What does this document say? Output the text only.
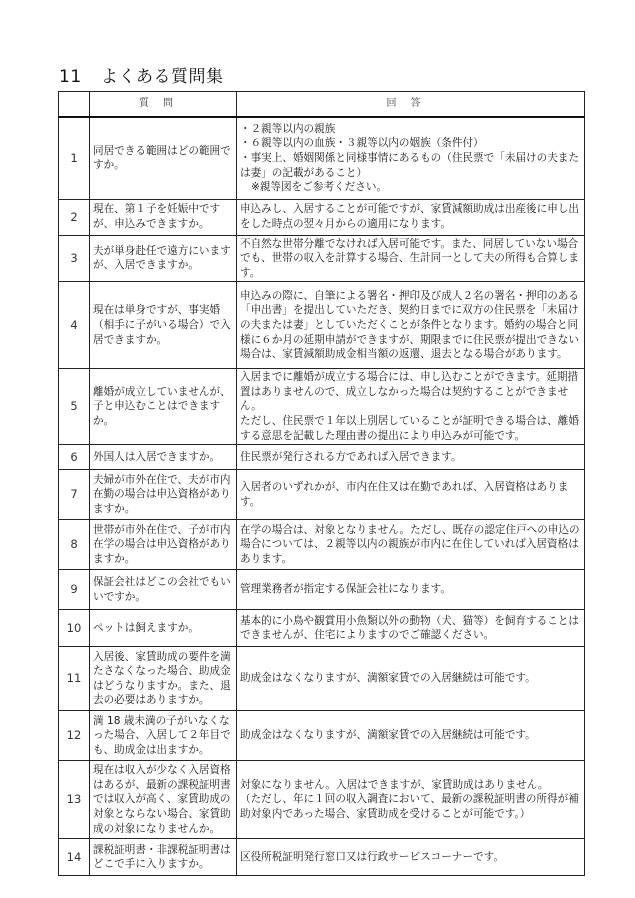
11 よくある質問集
	質問	回答
1	同居できる範囲はどの範囲ですか。	・２親等以内の親族
・６親等以内の血族・３親等以内の姻族（条件付）
・事実上、婚姻関係と同様事情にあるもの（住民票で「未届けの夫または妻」の記載があること）
※親等図をご参考ください。

2	現在、第１子を妊娠中ですが、申込みできますか。	申込みし、入居することが可能ですが、家賃減額助成は出産後に申し出をした時点の翌々月からの適用になります。

3	夫が単身赴任で遠方にいますが、入居できますか。	不自然な世帯分離でなければ入居可能です。また、同居していない場合でも、世帯の収入を計算する場合、生計同一として夫の所得も合算します。

4	現在は単身ですが、事実婚（相手に子がいる場合）で入居できますか。	申込みの際に、自筆による署名・押印及び成人２名の署名・押印のある「申出書」を提出していただき、契約日までに双方の住民票を「未届けの夫または妻」としていただくことが条件となります。婚約の場合と同様に６か月の延期申請ができますが、期限までに住民票が提出できない場合は、家賃減額助成金相当額の返還、退去となる場合があります。

5	離婚が成立していませんが、子と申込むことはできますか。	入居までに離婚が成立する場合には、申し込むことができます。延期措置はありませんので、成立しなかった場合は契約することができません。
ただし、住民票で１年以上別居していることが証明できる場合は、離婚する意思を記載した理由書の提出により申込みが可能です。

6	外国人は入居できますか。	住民票が発行される方であれば入居できます。

7	夫婦が市外在住で、夫が市内在勤の場合は申込資格がありますか。	入居者のいずれかが、市内在住又は在勤であれば、入居資格はあります。

8	世帯が市外在住で、子が市内在学の場合は申込資格がありますか。	在学の場合は、対象となりません。ただし、既存の認定住戸への申込の場合については、２親等以内の親族が市内に在住していれば入居資格はあります。

9	保証会社はどこの会社でもいいですか。	管理業務者が指定する保証会社になります。

10	ペットは飼えますか。	基本的に小鳥や観賞用小魚類以外の動物（犬、猫等）を飼育することはできませんが、住宅によりますのでご確認ください。

11	入居後、家賃助成の要件を満たさなくなった場合、助成金はどうなりますか。また、退去の必要はありますか。	助成金はなくなりますが、満額家賃での入居継続は可能です。

12	満 18 歳未満の子がいなくなった場合、入居して２年目でも、助成金は出ますか。	助成金はなくなりますが、満額家賃での入居継続は可能です。

13	現在は収入が少なく入居資格はあるが、最新の課税証明書では収入が高く、家賃助成の対象とならない場合、家賃助成の対象になりませんか。	対象になりません。入居はできますが、家賃助成はありません。
（ただし、年に１回の収入調査において、最新の課税証明書の所得が補助対象内であった場合、家賃助成を受けることが可能です。）

14	課税証明書・非課税証明書はどこで手に入りますか。	区役所税証明発行窓口又は行政サービスコーナーです。
